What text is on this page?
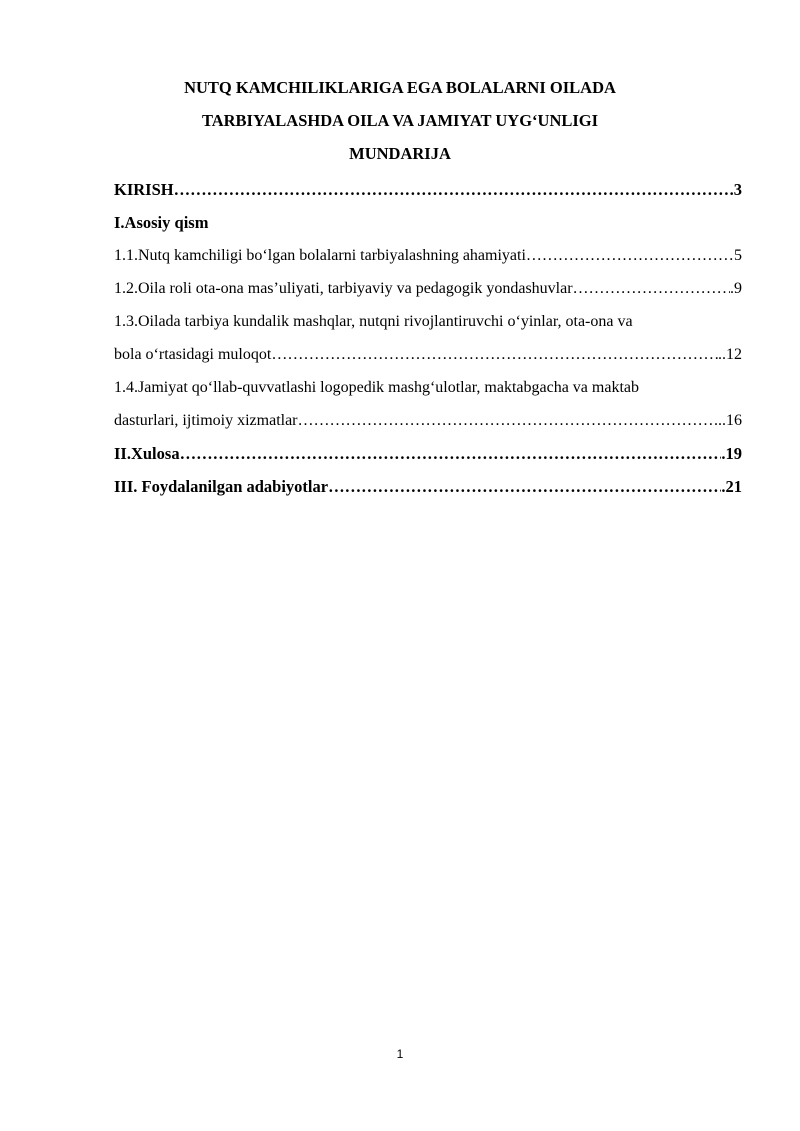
NUTQ KAMCHILIKLARIGA EGA BOLALARNI OILADA
TARBIYALASHDA OILA VA JAMIYAT UYG‘UNLIGI
MUNDARIJA
KIRISH ……………………………………………………………………………………………………………………………………………………	.3
I.Asosiy qism
1.1.Nutq kamchiligi bo‘lgan bolalarni tarbiyalashning ahamiyati ……………………………………………………………………………………………………………………………………………………	5
1.2.Oila roli ota-ona mas’uliyati, tarbiyaviy va pedagogik yondashuvlar ……………………………………………………………………………………………………………………………………………………	.9
1.3.Oilada tarbiya kundalik mashqlar, nutqni rivojlantiruvchi o‘yinlar, ota-ona va
bola o‘rtasidagi muloqot ……………………………………………………………………………………………………………………………………………………	..12
1.4.Jamiyat qo‘llab-quvvatlashi logopedik mashg‘ulotlar, maktabgacha va maktab
dasturlari, ijtimoiy xizmatlar ……………………………………………………………………………………………………………………………………………………	...16
II.Xulosa ……………………………………………………………………………………………………………………………………………………	.19
III. Foydalanilgan adabiyotlar ……………………………………………………………………………………………………………………………………………………	.21
1
